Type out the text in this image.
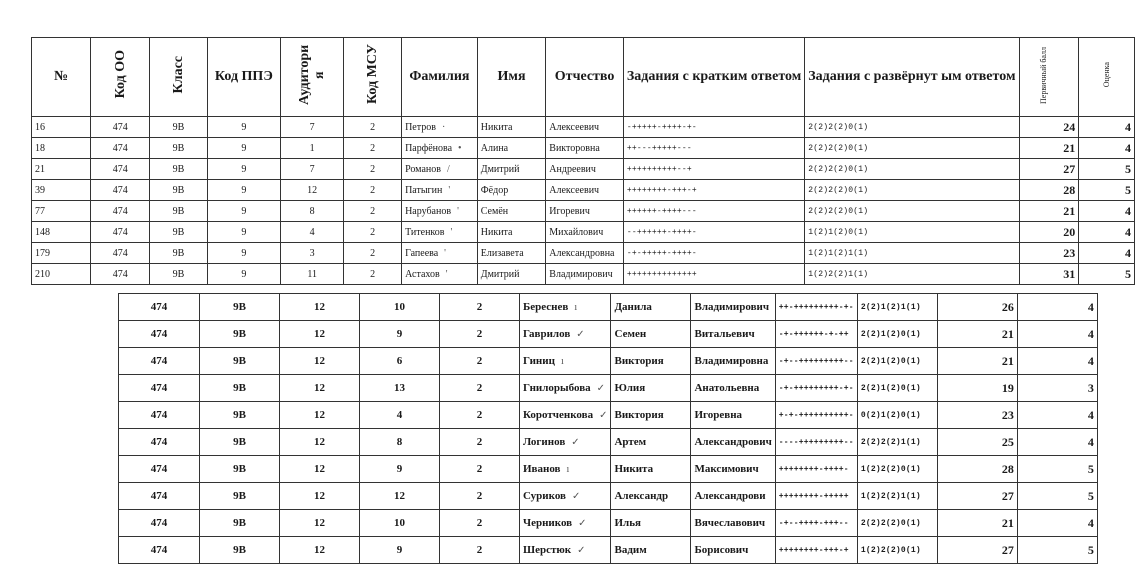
№	Код ОО	Класс	Код ППЭ	Аудитори я	Код МСУ	Фамилия	Имя	Отчество	Задания с кратким ответом	Задания с развёрнут ым ответом	Первичный балл	Оценка
16	474	9В	9	7	2	Петров ·	Никита	Алексеевич	-+++++-++++-+-	2(2)2(2)0(1)	24	4
18	474	9В	9	1	2	Парфёнова •	Алина	Викторовна	++---+++++---	2(2)2(2)0(1)	21	4
21	474	9В	9	7	2	Романов /	Дмитрий	Андреевич	++++++++++--+	2(2)2(2)0(1)	27	5
39	474	9В	9	12	2	Патыгин '	Фёдор	Алексеевич	++++++++-+++-+	2(2)2(2)0(1)	28	5
77	474	9В	9	8	2	Нарубанов '	Семён	Игоревич	++++++-++++---	2(2)2(2)0(1)	21	4
148	474	9В	9	4	2	Титенков '	Никита	Михайлович	--++++++-++++-	1(2)1(2)0(1)	20	4
179	474	9В	9	3	2	Гапеева '	Елизавета	Александровна	-+-+++++-++++-	1(2)1(2)1(1)	23	4
210	474	9В	9	11	2	Астахов '	Дмитрий	Владимирович	++++++++++++++	1(2)2(2)1(1)	31	5
474	9В	12	10	2	Береснев ı	Данила	Владимирович	++-+++++++++-+-	2(2)1(2)1(1)	26	4
474	9В	12	9	2	Гаврилов ✓	Семен	Витальевич	-+-++++++-+-++	2(2)1(2)0(1)	21	4
474	9В	12	6	2	Гиниц ı	Виктория	Владимировна	-+--+++++++++--	2(2)1(2)0(1)	21	4
474	9В	12	13	2	Гнилорыбова ✓	Юлия	Анатольевна	-+-+++++++++-+-	2(2)1(2)0(1)	19	3
474	9В	12	4	2	Коротченкова ✓	Виктория	Игоревна	+-+-++++++++++-	0(2)1(2)0(1)	23	4
474	9В	12	8	2	Логинов ✓	Артем	Александрович	----+++++++++--	2(2)2(2)1(1)	25	4
474	9В	12	9	2	Иванов ı	Никита	Максимович	++++++++-++++-	1(2)2(2)0(1)	28	5
474	9В	12	12	2	Суриков ✓	Александр	Александрови	++++++++-+++++	1(2)2(2)1(1)	27	5
474	9В	12	10	2	Черников ✓	Илья	Вячеславович	-+--++++-+++--	2(2)2(2)0(1)	21	4
474	9В	12	9	2	Шерстюк ✓	Вадим	Борисович	++++++++-+++-+	1(2)2(2)0(1)	27	5
